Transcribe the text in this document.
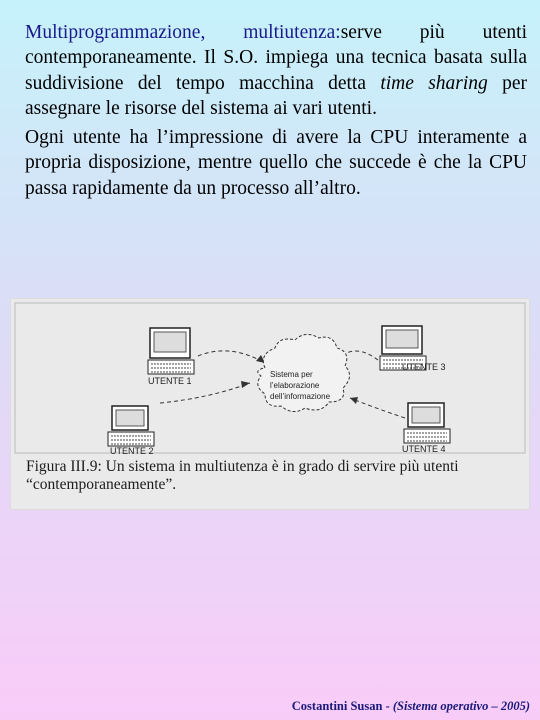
Multiprogrammazione, multiutenza:serve più utenti contemporaneamente. Il S.O. impiega una tecnica basata sulla suddivisione del tempo macchina detta time sharing per assegnare le risorse del sistema ai vari utenti.

Ogni utente ha l’impressione di avere la CPU interamente a propria disposizione, mentre quello che succede è che la CPU passa rapidamente da un processo all’altro.

Sistema per
l’elaborazione
dell’informazione
UTENTE 1
UTENTE 2
UTENTE 3
UTENTE 4
Figura III.9: Un sistema in multiutenza è in grado di servire più utenti
“contemporaneamente”.
Costantini Susan - (Sistema operativo – 2005)
